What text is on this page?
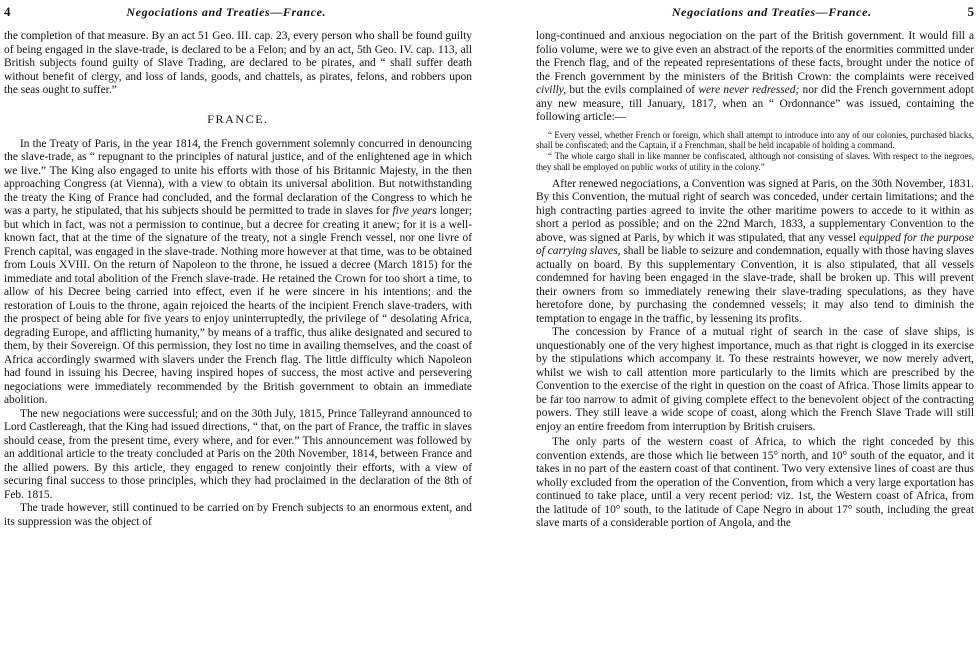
4	Negociations and Treaties—France.

the completion of that measure. By an act 51 Geo. III. cap. 23, every person who shall be found guilty of being engaged in the slave-trade, is declared to be a Felon; and by an act, 5th Geo. IV. cap. 113, all British subjects found guilty of Slave Trading, are declared to be pirates, and “ shall suffer death without benefit of clergy, and loss of lands, goods, and chattels, as pirates, felons, and robbers upon the seas ought to suffer.”

FRANCE.

In the Treaty of Paris, in the year 1814, the French government solemnly concurred in denouncing the slave-trade, as “ repugnant to the principles of natural justice, and of the enlightened age in which we live.” The King also engaged to unite his efforts with those of his Britannic Majesty, in the then approaching Congress (at Vienna), with a view to obtain its universal abolition. But notwithstanding the treaty the King of France had concluded, and the formal declaration of the Congress to which he was a party, he stipulated, that his subjects should be permitted to trade in slaves for five years longer; but which in fact, was not a permission to continue, but a decree for creating it anew; for it is a well-known fact, that at the time of the signature of the treaty, not a single French vessel, nor one livre of French capital, was engaged in the slave-trade. Nothing more however at that time, was to be obtained from Louis XVIII. On the return of Napoleon to the throne, he issued a decree (March 1815) for the immediate and total abolition of the French slave-trade. He retained the Crown for too short a time, to allow of his Decree being carried into effect, even if he were sincere in his intentions; and the restoration of Louis to the throne, again rejoiced the hearts of the incipient French slave-traders, with the prospect of being able for five years to enjoy uninterruptedly, the privilege of “ desolating Africa, degrading Europe, and afflicting humanity,” by means of a traffic, thus alike designated and secured to them, by their Sovereign. Of this permission, they lost no time in availing themselves, and the coast of Africa accordingly swarmed with slavers under the French flag. The little difficulty which Napoleon had found in issuing his Decree, having inspired hopes of success, the most active and persevering negociations were immediately recommended by the British government to obtain an immediate abolition.

The new negociations were successful; and on the 30th July, 1815, Prince Talleyrand announced to Lord Castlereagh, that the King had issued directions, “ that, on the part of France, the traffic in slaves should cease, from the present time, every where, and for ever.” This announcement was followed by an additional article to the treaty concluded at Paris on the 20th November, 1814, between France and the allied powers. By this article, they engaged to renew conjointly their efforts, with a view of securing final success to those principles, which they had proclaimed in the declaration of the 8th of Feb. 1815.

The trade however, still continued to be carried on by French subjects to an enormous extent, and its suppression was the object of

Negociations and Treaties—France.	5

long-continued and anxious negociation on the part of the British government. It would fill a folio volume, were we to give even an abstract of the reports of the enormities committed under the French flag, and of the repeated representations of these facts, brought under the notice of the French government by the ministers of the British Crown: the complaints were received civilly, but the evils complained of were never redressed; nor did the French government adopt any new measure, till January, 1817, when an “ Ordonnance” was issued, containing the following article:—

“ Every vessel, whether French or foreign, which shall attempt to introduce into any of our colonies, purchased blacks, shall be confiscated; and the Captain, if a Frenchman, shall be held incapable of holding a command.
“ The whole cargo shall in like manner be confiscated, although not consisting of slaves. With respect to the negroes, they shall be employed on public works of utility in the colony.”

After renewed negociations, a Convention was signed at Paris, on the 30th November, 1831. By this Convention, the mutual right of search was conceded, under certain limitations; and the high contracting parties agreed to invite the other maritime powers to accede to it within as short a period as possible; and on the 22nd March, 1833, a supplementary Convention to the above, was signed at Paris, by which it was stipulated, that any vessel equipped for the purpose of carrying slaves, shall be liable to seizure and condemnation, equally with those having slaves actually on board. By this supplementary Convention, it is also stipulated, that all vessels condemned for having been engaged in the slave-trade, shall be broken up. This will prevent their owners from so immediately renewing their slave-trading speculations, as they have heretofore done, by purchasing the condemned vessels; it may also tend to diminish the temptation to engage in the traffic, by lessening its profits.

The concession by France of a mutual right of search in the case of slave ships, is unquestionably one of the very highest importance, much as that right is clogged in its exercise by the stipulations which accompany it. To these restraints however, we now merely advert, whilst we wish to call attention more particularly to the limits which are prescribed by the Convention to the exercise of the right in question on the coast of Africa. Those limits appear to be far too narrow to admit of giving complete effect to the benevolent object of the contracting powers. They still leave a wide scope of coast, along which the French Slave Trade will still enjoy an entire freedom from interruption by British cruisers.

The only parts of the western coast of Africa, to which the right conceded by this convention extends, are those which lie between 15° north, and 10° south of the equator, and it takes in no part of the eastern coast of that continent. Two very extensive lines of coast are thus wholly excluded from the operation of the Convention, from which a very large exportation has continued to take place, until a very recent period: viz. 1st, the Western coast of Africa, from the latitude of 10° south, to the latitude of Cape Negro in about 17° south, including the great slave marts of a considerable portion of Angola, and the
